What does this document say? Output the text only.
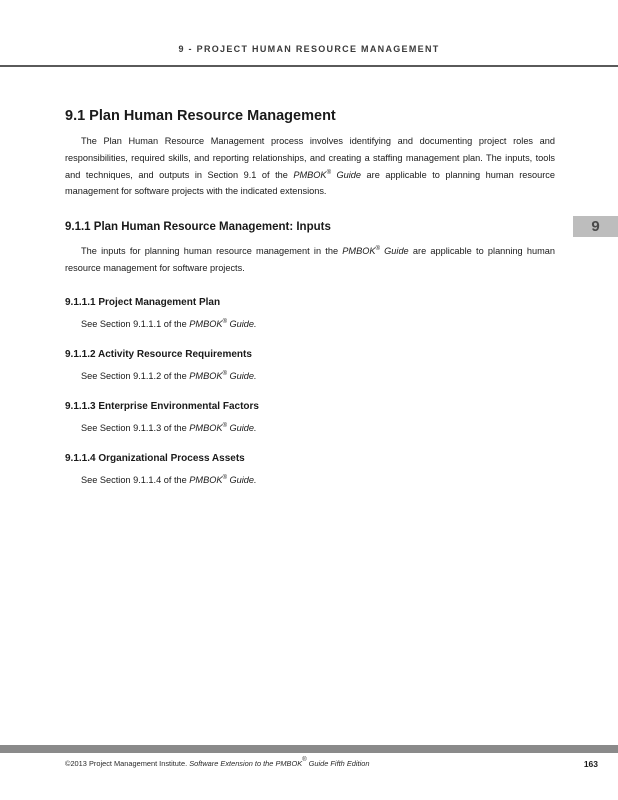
9 - PROJECT HUMAN RESOURCE MANAGEMENT
9
9.1 Plan Human Resource Management

The Plan Human Resource Management process involves identifying and documenting project roles and responsibilities, required skills, and reporting relationships, and creating a staffing management plan. The inputs, tools and techniques, and outputs in Section 9.1 of the PMBOK® Guide are applicable to planning human resource management for software projects with the indicated extensions.

9.1.1 Plan Human Resource Management: Inputs

The inputs for planning human resource management in the PMBOK® Guide are applicable to planning human resource management for software projects.

9.1.1.1 Project Management Plan

See Section 9.1.1.1 of the PMBOK® Guide.

9.1.1.2 Activity Resource Requirements

See Section 9.1.1.2 of the PMBOK® Guide.

9.1.1.3 Enterprise Environmental Factors

See Section 9.1.1.3 of the PMBOK® Guide.

9.1.1.4 Organizational Process Assets

See Section 9.1.1.4 of the PMBOK® Guide.

©2013 Project Management Institute. Software Extension to the PMBOK® Guide Fifth Edition	163
